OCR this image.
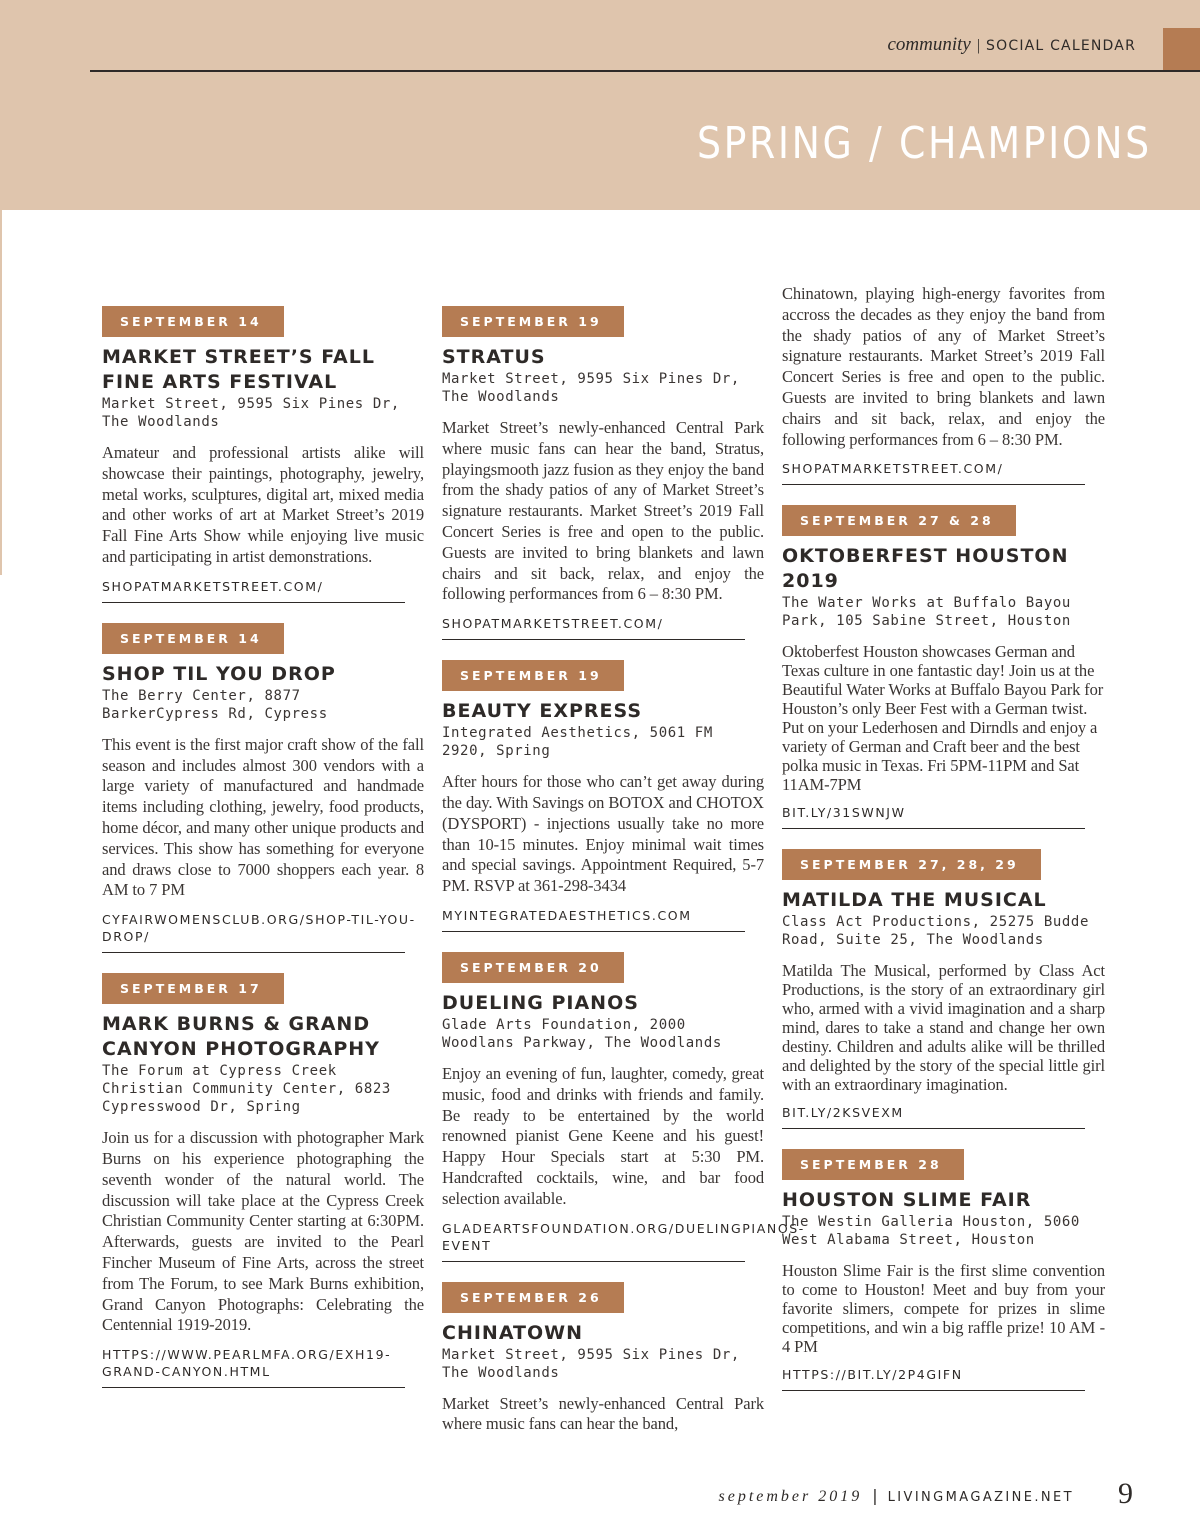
community | SOCIAL CALENDAR
SPRING / CHAMPIONS
SEPTEMBER 14
MARKET STREET’S FALL FINE ARTS FESTIVAL
Market Street, 9595 Six Pines Dr, The Woodlands

Amateur and professional artists alike will showcase their paintings, photography, jewelry, metal works, sculptures, digital art, mixed media and other works of art at Market Street’s 2019 Fall Fine Arts Show while enjoying live music and participating in artist demonstrations.

SHOPATMARKETSTREET.COM/
SEPTEMBER 14
SHOP TIL YOU DROP
The Berry Center, 8877 BarkerCypress Rd, Cypress

This event is the first major craft show of the fall season and includes almost 300 vendors with a large variety of manufactured and handmade items including clothing, jewelry, food products, home décor, and many other unique products and services. This show has something for everyone and draws close to 7000 shoppers each year. 8 AM to 7 PM

CYFAIRWOMENSCLUB.ORG/SHOP-TIL-YOU-DROP/
SEPTEMBER 17
MARK BURNS & GRAND CANYON PHOTOGRAPHY
The Forum at Cypress Creek Christian Community Center, 6823 Cypresswood Dr, Spring

Join us for a discussion with photographer Mark Burns on his experience photographing the seventh wonder of the natural world. The discussion will take place at the Cypress Creek Christian Community Center starting at 6:30PM. Afterwards, guests are invited to the Pearl Fincher Museum of Fine Arts, across the street from The Forum, to see Mark Burns exhibition, Grand Canyon Photographs: Celebrating the Centennial 1919-2019.

HTTPS://WWW.PEARLMFA.ORG/EXH19-GRAND-CANYON.HTML
SEPTEMBER 19
STRATUS
Market Street, 9595 Six Pines Dr, The Woodlands

Market Street’s newly-enhanced Central Park where music fans can hear the band, Stratus, playingsmooth jazz fusion as they enjoy the band from the shady patios of any of Market Street’s signature restaurants. Market Street’s 2019 Fall Concert Series is free and open to the public. Guests are invited to bring blankets and lawn chairs and sit back, relax, and enjoy the following performances from 6 – 8:30 PM.

SHOPATMARKETSTREET.COM/
SEPTEMBER 19
BEAUTY EXPRESS
Integrated Aesthetics, 5061 FM 2920, Spring

After hours for those who can’t get away during the day. With Savings on BOTOX and CHOTOX (DYSPORT) - injections usually take no more than 10-15 minutes. Enjoy minimal wait times and special savings. Appointment Required, 5-7 PM. RSVP at 361-298-3434

MYINTEGRATEDAESTHETICS.COM
SEPTEMBER 20
DUELING PIANOS
Glade Arts Foundation, 2000 Woodlans Parkway, The Woodlands

Enjoy an evening of fun, laughter, comedy, great music, food and drinks with friends and family. Be ready to be entertained by the world renowned pianist Gene Keene and his guest! Happy Hour Specials start at 5:30 PM. Handcrafted cocktails, wine, and bar food selection available.

GLADEARTSFOUNDATION.ORG/DUELINGPIANOS-EVENT
SEPTEMBER 26
CHINATOWN
Market Street, 9595 Six Pines Dr, The Woodlands

Market Street’s newly-enhanced Central Park where music fans can hear the band,

Chinatown, playing high-energy favorites from accross the decades as they enjoy the band from the shady patios of any of Market Street’s signature restaurants. Market Street’s 2019 Fall Concert Series is free and open to the public. Guests are invited to bring blankets and lawn chairs and sit back, relax, and enjoy the following performances from 6 – 8:30 PM.

SHOPATMARKETSTREET.COM/
SEPTEMBER 27 & 28
OKTOBERFEST HOUSTON 2019
The Water Works at Buffalo Bayou Park, 105 Sabine Street, Houston

Oktoberfest Houston showcases German and Texas culture in one fantastic day! Join us at the Beautiful Water Works at Buffalo Bayou Park for Houston’s only Beer Fest with a German twist. Put on your Lederhosen and Dirndls and enjoy a variety of German and Craft beer and the best polka music in Texas. Fri 5PM-11PM and Sat 11AM-7PM

BIT.LY/31SWNJW
SEPTEMBER 27, 28, 29
MATILDA THE MUSICAL
Class Act Productions, 25275 Budde Road, Suite 25, The Woodlands

Matilda The Musical, performed by Class Act Productions, is the story of an extraordinary girl who, armed with a vivid imagination and a sharp mind, dares to take a stand and change her own destiny. Children and adults alike will be thrilled and delighted by the story of the special little girl with an extraordinary imagination.

BIT.LY/2KSVEXM
SEPTEMBER 28
HOUSTON SLIME FAIR
The Westin Galleria Houston, 5060 West Alabama Street, Houston

Houston Slime Fair is the first slime convention to come to Houston! Meet and buy from your favorite slimers, compete for prizes in slime competitions, and win a big raffle prize! 10 AM - 4 PM

HTTPS://BIT.LY/2P4GIFN
september 2019 | LIVINGMAGAZINE.NET 9
